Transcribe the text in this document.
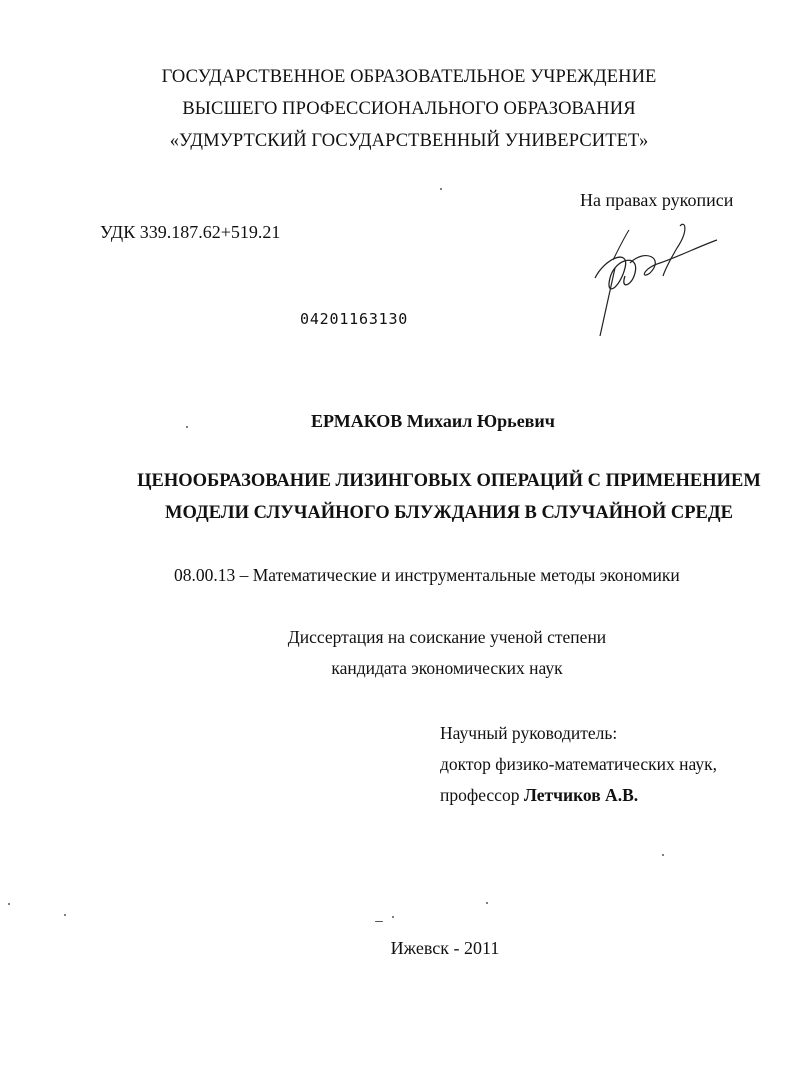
ГОСУДАРСТВЕННОЕ ОБРАЗОВАТЕЛЬНОЕ УЧРЕЖДЕНИЕ
ВЫСШЕГО ПРОФЕССИОНАЛЬНОГО ОБРАЗОВАНИЯ
«УДМУРТСКИЙ ГОСУДАРСТВЕННЫЙ УНИВЕРСИТЕТ»
УДК 339.187.62+519.21
На правах рукописи
04201163130
ЕРМАКОВ Михаил Юрьевич
ЦЕНООБРАЗОВАНИЕ ЛИЗИНГОВЫХ ОПЕРАЦИЙ С ПРИМЕНЕНИЕМ
МОДЕЛИ СЛУЧАЙНОГО БЛУЖДАНИЯ В СЛУЧАЙНОЙ СРЕДЕ
08.00.13 – Математические и инструментальные методы экономики
Диссертация на соискание ученой степени
кандидата экономических наук
Научный руководитель:
доктор физико-математических наук,
профессор Летчиков А.В.
Ижевск - 2011
